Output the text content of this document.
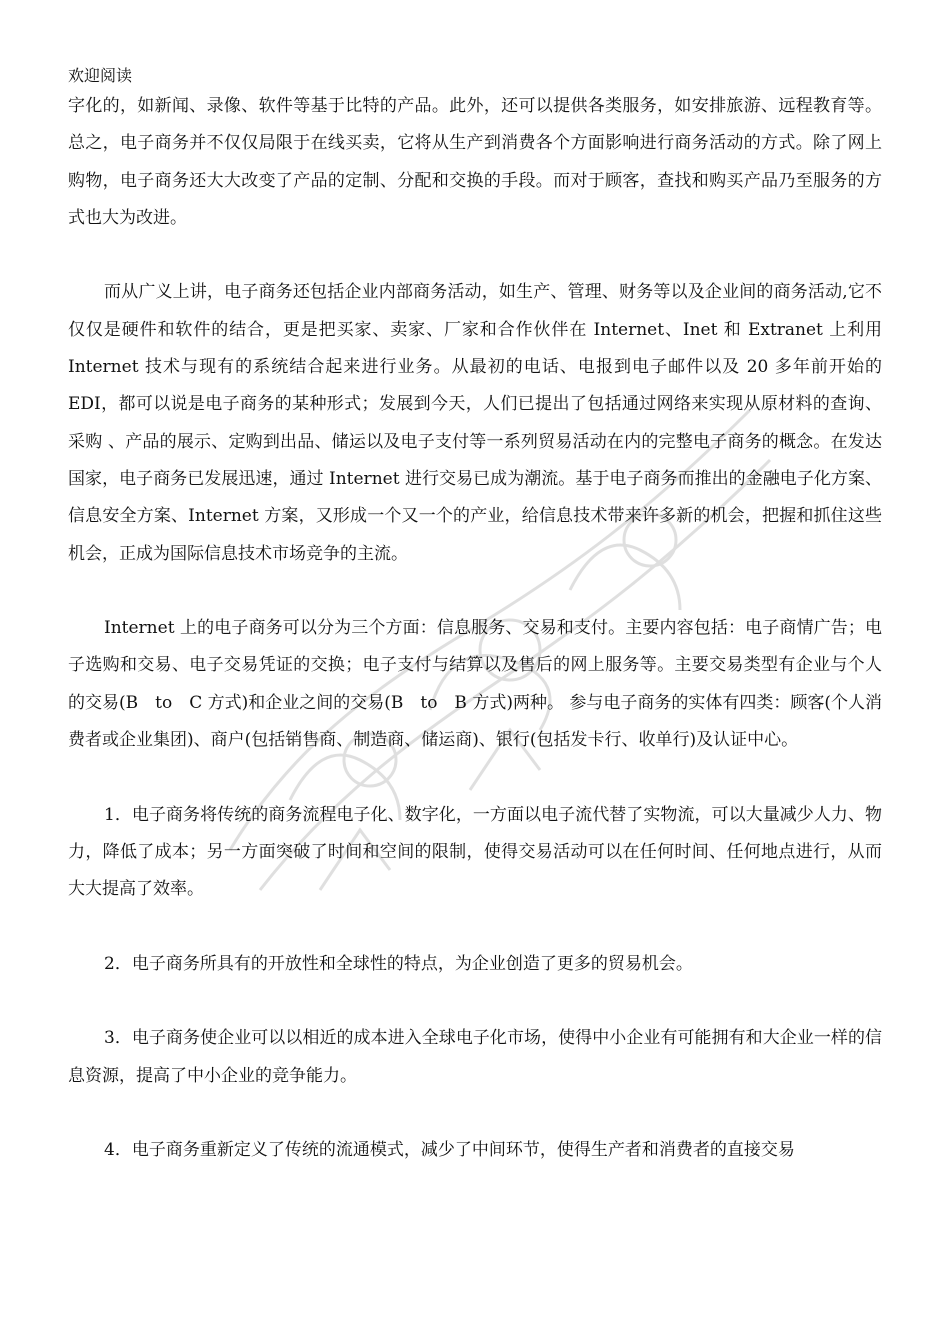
欢迎阅读

字化的，如新闻、录像、软件等基于比特的产品。此外，还可以提供各类服务，如安排旅游、远程教育等。总之，电子商务并不仅仅局限于在线买卖，它将从生产到消费各个方面影响进行商务活动的方式。除了网上购物，电子商务还大大改变了产品的定制、分配和交换的手段。而对于顾客，查找和购买产品乃至服务的方式也大为改进。

而从广义上讲，电子商务还包括企业内部商务活动，如生产、管理、财务等以及企业间的商务活动,它不仅仅是硬件和软件的结合，更是把买家、卖家、厂家和合作伙伴在 Internet、Inet 和 Extranet 上利用 Internet 技术与现有的系统结合起来进行业务。从最初的电话、电报到电子邮件以及 20 多年前开始的 EDI，都可以说是电子商务的某种形式；发展到今天，人们已提出了包括通过网络来实现从原材料的查询、采购 、产品的展示、定购到出品、储运以及电子支付等一系列贸易活动在内的完整电子商务的概念。在发达国家，电子商务已发展迅速，通过 Internet 进行交易已成为潮流。基于电子商务而推出的金融电子化方案、信息安全方案、Internet 方案，又形成一个又一个的产业，给信息技术带来许多新的机会，把握和抓住这些机会，正成为国际信息技术市场竞争的主流。

Internet 上的电子商务可以分为三个方面：信息服务、交易和支付。主要内容包括：电子商情广告；电子选购和交易、电子交易凭证的交换；电子支付与结算以及售后的网上服务等。主要交易类型有企业与个人的交易(B　to　C 方式)和企业之间的交易(B　to　B 方式)两种。 参与电子商务的实体有四类：顾客(个人消费者或企业集团)、商户(包括销售商、制造商、储运商)、银行(包括发卡行、收单行)及认证中心。

1．电子商务将传统的商务流程电子化、数字化，一方面以电子流代替了实物流，可以大量减少人力、物力，降低了成本；另一方面突破了时间和空间的限制，使得交易活动可以在任何时间、任何地点进行，从而大大提高了效率。

2．电子商务所具有的开放性和全球性的特点，为企业创造了更多的贸易机会。

3．电子商务使企业可以以相近的成本进入全球电子化市场，使得中小企业有可能拥有和大企业一样的信息资源，提高了中小企业的竞争能力。

4．电子商务重新定义了传统的流通模式，减少了中间环节，使得生产者和消费者的直接交易
